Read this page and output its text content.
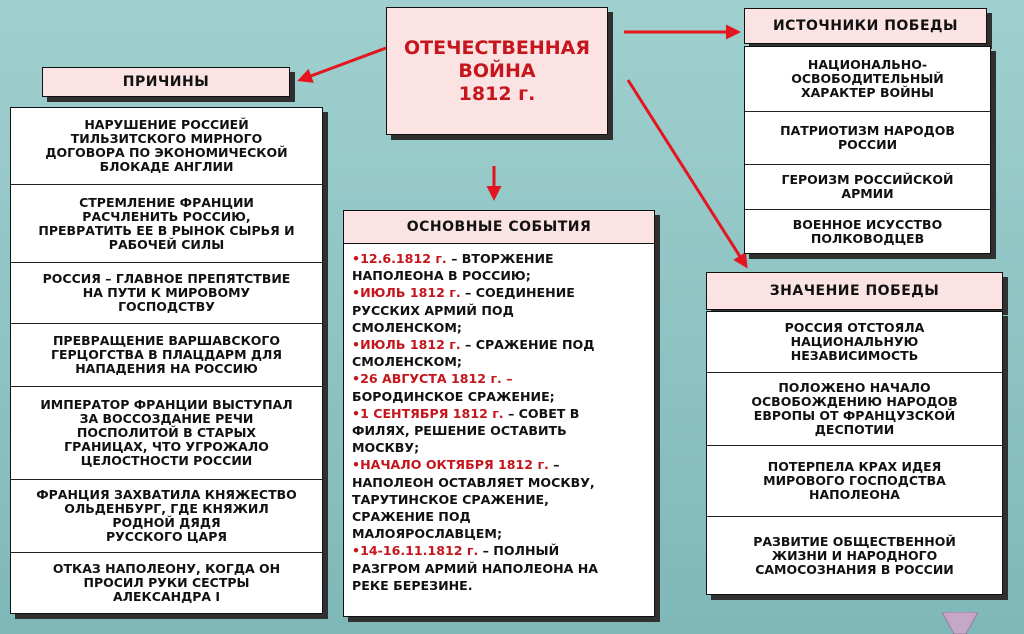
ОТЕЧЕСТВЕННАЯ
ВОЙНА
1812 г.
ПРИЧИНЫ
НАРУШЕНИЕ РОССИЕЙ
ТИЛЬЗИТСКОГО МИРНОГО
ДОГОВОРА ПО ЭКОНОМИЧЕСКОЙ
БЛОКАДЕ АНГЛИИ
СТРЕМЛЕНИЕ ФРАНЦИИ
РАСЧЛЕНИТЬ РОССИЮ,
ПРЕВРАТИТЬ ЕЕ В РЫНОК СЫРЬЯ И
РАБОЧЕЙ СИЛЫ
РОССИЯ – ГЛАВНОЕ ПРЕПЯТСТВИЕ
НА ПУТИ К МИРОВОМУ
ГОСПОДСТВУ
ПРЕВРАЩЕНИЕ ВАРШАВСКОГО
ГЕРЦОГСТВА В ПЛАЦДАРМ ДЛЯ
НАПАДЕНИЯ НА РОССИЮ
ИМПЕРАТОР ФРАНЦИИ ВЫСТУПАЛ
ЗА ВОССОЗДАНИЕ РЕЧИ
ПОСПОЛИТОЙ В СТАРЫХ
ГРАНИЦАХ, ЧТО УГРОЖАЛО
ЦЕЛОСТНОСТИ РОССИИ
ФРАНЦИЯ ЗАХВАТИЛА КНЯЖЕСТВО
ОЛЬДЕНБУРГ, ГДЕ КНЯЖИЛ
РОДНОЙ ДЯДЯ
РУССКОГО ЦАРЯ
ОТКАЗ НАПОЛЕОНУ, КОГДА ОН
ПРОСИЛ РУКИ СЕСТРЫ
АЛЕКСАНДРА I
ОСНОВНЫЕ СОБЫТИЯ
•12.6.1812 г. – ВТОРЖЕНИЕ
НАПОЛЕОНА В РОССИЮ;
•ИЮЛЬ 1812 г. – СОЕДИНЕНИЕ
РУССКИХ АРМИЙ ПОД
СМОЛЕНСКОМ;
•ИЮЛЬ 1812 г. – СРАЖЕНИЕ ПОД
СМОЛЕНСКОМ;
•26 АВГУСТА 1812 г. –
БОРОДИНСКОЕ СРАЖЕНИЕ;
•1 СЕНТЯБРЯ 1812 г. – СОВЕТ В
ФИЛЯХ, РЕШЕНИЕ ОСТАВИТЬ
МОСКВУ;
•НАЧАЛО ОКТЯБРЯ 1812 г. –
НАПОЛЕОН ОСТАВЛЯЕТ МОСКВУ,
ТАРУТИНСКОЕ СРАЖЕНИЕ,
СРАЖЕНИЕ ПОД
МАЛОЯРОСЛАВЦЕМ;
•14-16.11.1812 г. – ПОЛНЫЙ
РАЗГРОМ АРМИЙ НАПОЛЕОНА НА
РЕКЕ БЕРЕЗИНЕ.
ИСТОЧНИКИ ПОБЕДЫ
НАЦИОНАЛЬНО-
ОСВОБОДИТЕЛЬНЫЙ
ХАРАКТЕР ВОЙНЫ
ПАТРИОТИЗМ НАРОДОВ
РОССИИ
ГЕРОИЗМ РОССИЙСКОЙ
АРМИИ
ВОЕННОЕ ИСУССТВО
ПОЛКОВОДЦЕВ
ЗНАЧЕНИЕ ПОБЕДЫ
РОССИЯ ОТСТОЯЛА
НАЦИОНАЛЬНУЮ
НЕЗАВИСИМОСТЬ
ПОЛОЖЕНО НАЧАЛО
ОСВОБОЖДЕНИЮ НАРОДОВ
ЕВРОПЫ ОТ ФРАНЦУЗСКОЙ
ДЕСПОТИИ
ПОТЕРПЕЛА КРАХ ИДЕЯ
МИРОВОГО ГОСПОДСТВА
НАПОЛЕОНА
РАЗВИТИЕ ОБЩЕСТВЕННОЙ
ЖИЗНИ И НАРОДНОГО
САМОСОЗНАНИЯ В РОССИИ
